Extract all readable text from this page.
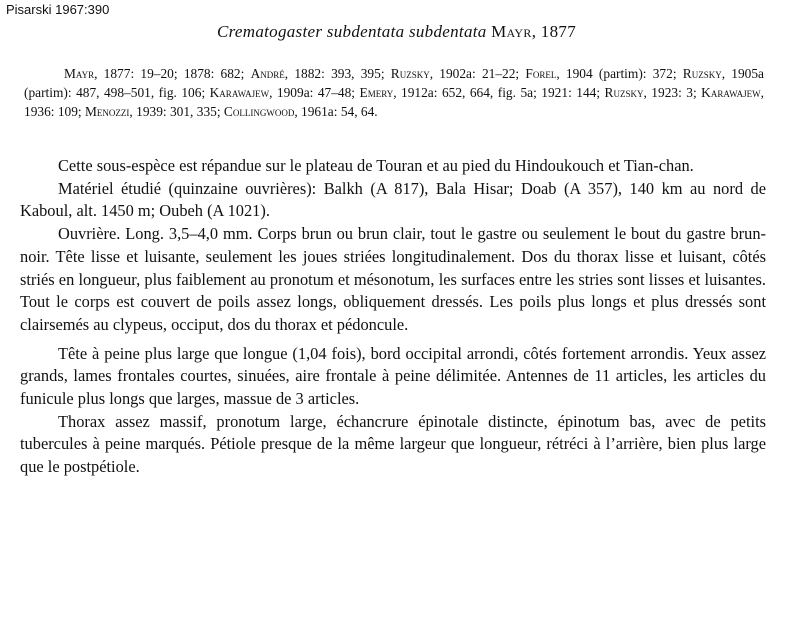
Pisarski 1967:390
Crematogaster subdentata subdentata Mayr, 1877
Mayr, 1877: 19–20; 1878: 682; André, 1882: 393, 395; Ruzsky, 1902a: 21–22; Forel, 1904 (partim): 372; Ruzsky, 1905a (partim): 487, 498–501, fig. 106; Karawajew, 1909a: 47–48; Emery, 1912a: 652, 664, fig. 5a; 1921: 144; Ruzsky, 1923: 3; Karawajew, 1936: 109; Menozzi, 1939: 301, 335; Collingwood, 1961a: 54, 64.

Cette sous-espèce est répandue sur le plateau de Touran et au pied du Hindoukouch et Tian-chan.

Matériel étudié (quinzaine ouvrières): Balkh (A 817), Bala Hisar; Doab (A 357), 140 km au nord de Kaboul, alt. 1450 m; Oubeh (A 1021).

Ouvrière. Long. 3,5–4,0 mm. Corps brun ou brun clair, tout le gastre ou seulement le bout du gastre brun-noir. Tête lisse et luisante, seulement les joues striées longitudinalement. Dos du thorax lisse et luisant, côtés striés en longueur, plus faiblement au pronotum et mésonotum, les surfaces entre les stries sont lisses et luisantes. Tout le corps est couvert de poils assez longs, obliquement dressés. Les poils plus longs et plus dressés sont clairsemés au clypeus, occiput, dos du thorax et pédoncule.

Tête à peine plus large que longue (1,04 fois), bord occipital arrondi, côtés fortement arrondis. Yeux assez grands, lames frontales courtes, sinuées, aire frontale à peine délimitée. Antennes de 11 articles, les articles du funicule plus longs que larges, massue de 3 articles.

Thorax assez massif, pronotum large, échancrure épinotale distincte, épinotum bas, avec de petits tubercules à peine marqués. Pétiole presque de la même largeur que longueur, rétréci à l’arrière, bien plus large que le postpétiole.
